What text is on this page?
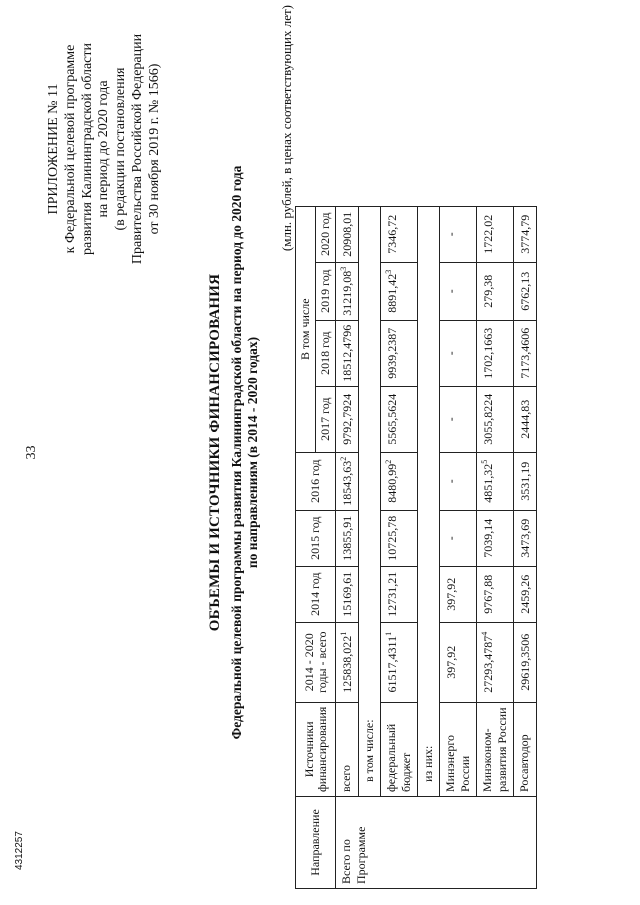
33
ПРИЛОЖЕНИЕ № 11 к Федеральной целевой программе развития Калининградской области на период до 2020 года (в редакции постановления Правительства Российской Федерации от 30 ноября 2019 г. № 1566)
ОБЪЕМЫ И ИСТОЧНИКИ ФИНАНСИРОВАНИЯ Федеральной целевой программы развития Калининградской области на период до 2020 года по направлениям (в 2014 - 2020 годах)
(млн. рублей, в ценах соответствующих лет)
Направление	Источники финансирования	2014 - 2020 годы - всего	2014 год	2015 год	2016 год	В том числе			
						2017 год	2018 год	2019 год	2020 год
Всего по Программе	всего	125838,022$^1$	15169,61	13855,91	18543,63$^2$	9792,7924	18512,4796	31219,08$^3$	20908,01
	в том числе:								
	федеральный бюджет	61517,4311$^1$	12731,21	10725,78	8480,99$^2$	5565,5624	9939,2387	8891,42$^3$	7346,72
	из них:								
	Минэнерго России	397,92	397,92	-	-	-	-	-	-
	Минэконом-развития России	27293,4787$^4$	9767,88	7039,14	4851,32$^5$	3055,8224	1702,1663	279,38	1722,02
	Росавтодор	29619,3506	2459,26	3473,69	3531,19	2444,83	7173,4606	6762,13	3774,79
4312257
